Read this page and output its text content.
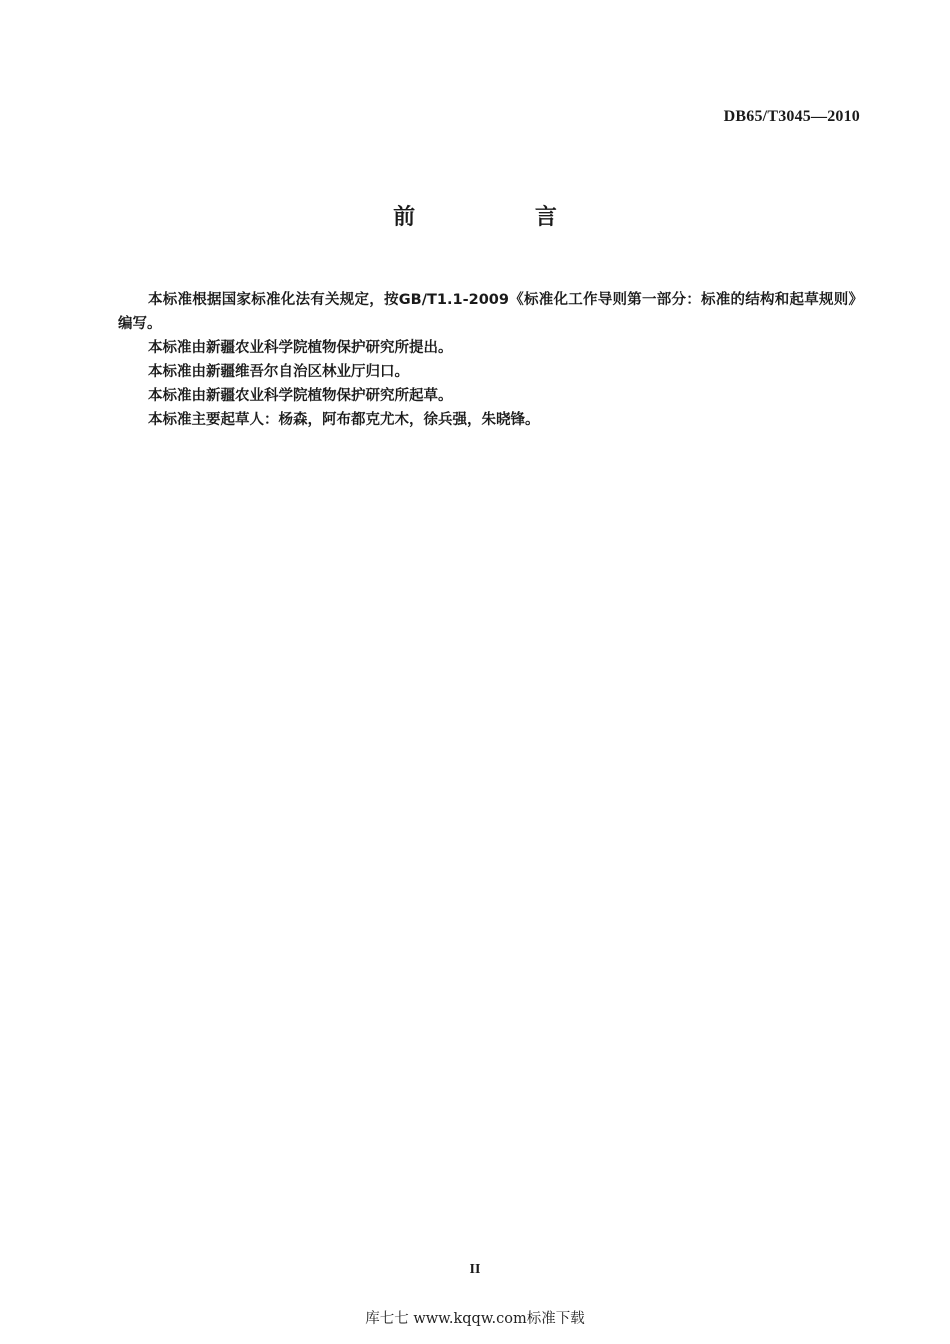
DB65/T3045—2010
前 言

本标准根据国家标准化法有关规定，按GB/T1.1-2009《标准化工作导则第一部分：标准的结构和起草规则》编写。

本标准由新疆农业科学院植物保护研究所提出。

本标准由新疆维吾尔自治区林业厅归口。

本标准由新疆农业科学院植物保护研究所起草。

本标准主要起草人：杨森，阿布都克尤木，徐兵强，朱晓锋。

II
库七七 www.kqqw.com标准下载
